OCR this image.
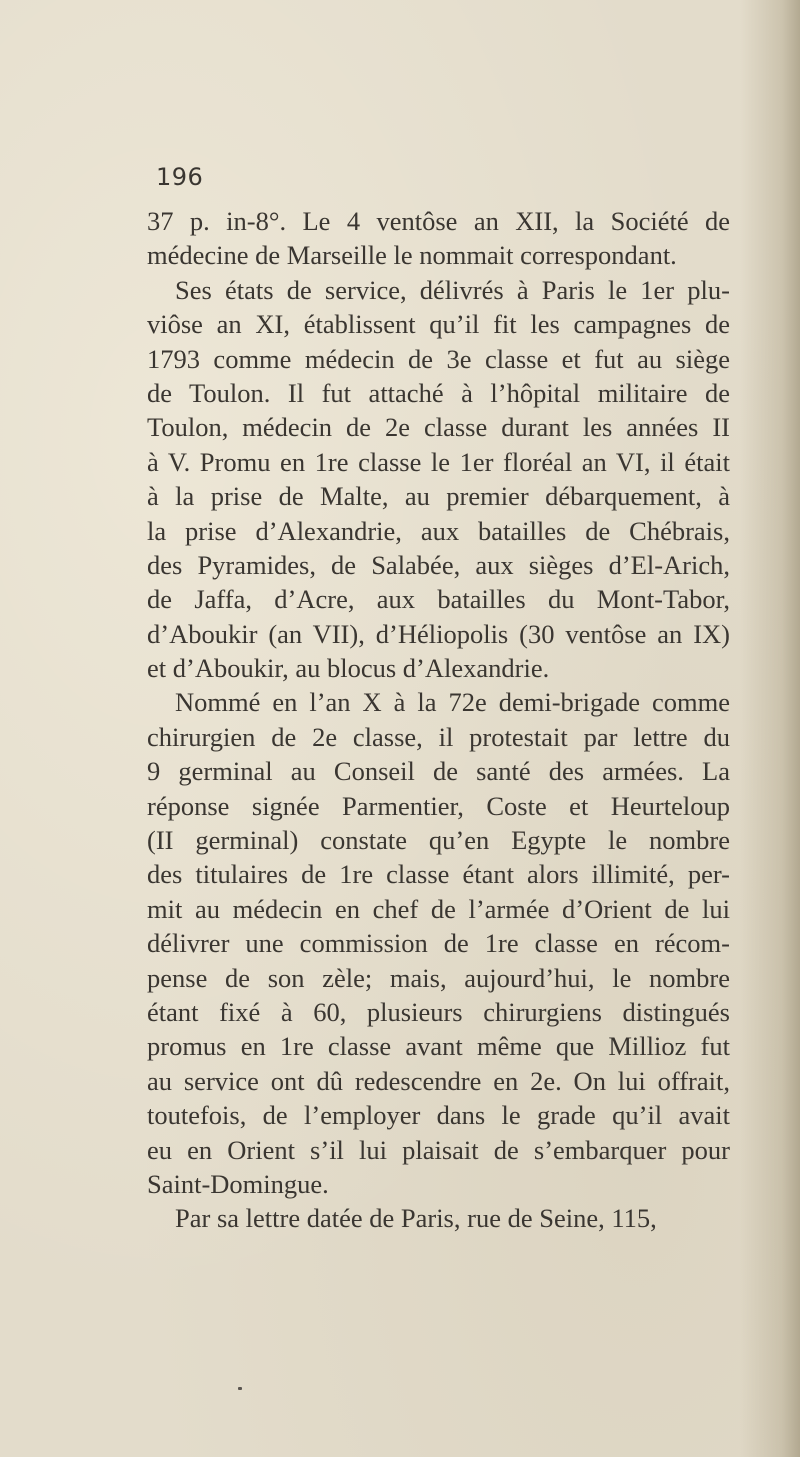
196
37 p. in-8°. Le 4 ventôse an XII, la Société de
médecine de Marseille le nommait correspondant.
Ses états de service, délivrés à Paris le 1er plu-
viôse an XI, établissent qu’il fit les campagnes de
1793 comme médecin de 3e classe et fut au siège
de Toulon. Il fut attaché à l’hôpital militaire de
Toulon, médecin de 2e classe durant les années II
à V. Promu en 1re classe le 1er floréal an VI, il était
à la prise de Malte, au premier débarquement, à
la prise d’Alexandrie, aux batailles de Chébrais,
des Pyramides, de Salabée, aux sièges d’El-Arich,
de Jaffa, d’Acre, aux batailles du Mont-Tabor,
d’Aboukir (an VII), d’Héliopolis (30 ventôse an IX)
et d’Aboukir, au blocus d’Alexandrie.
Nommé en l’an X à la 72e demi-brigade comme
chirurgien de 2e classe, il protestait par lettre du
9 germinal au Conseil de santé des armées. La
réponse signée Parmentier, Coste et Heurteloup
(II germinal) constate qu’en Egypte le nombre
des titulaires de 1re classe étant alors illimité, per-
mit au médecin en chef de l’armée d’Orient de lui
délivrer une commission de 1re classe en récom-
pense de son zèle; mais, aujourd’hui, le nombre
étant fixé à 60, plusieurs chirurgiens distingués
promus en 1re classe avant même que Millioz fut
au service ont dû redescendre en 2e. On lui offrait,
toutefois, de l’employer dans le grade qu’il avait
eu en Orient s’il lui plaisait de s’embarquer pour
Saint-Domingue.
Par sa lettre datée de Paris, rue de Seine, 115,
